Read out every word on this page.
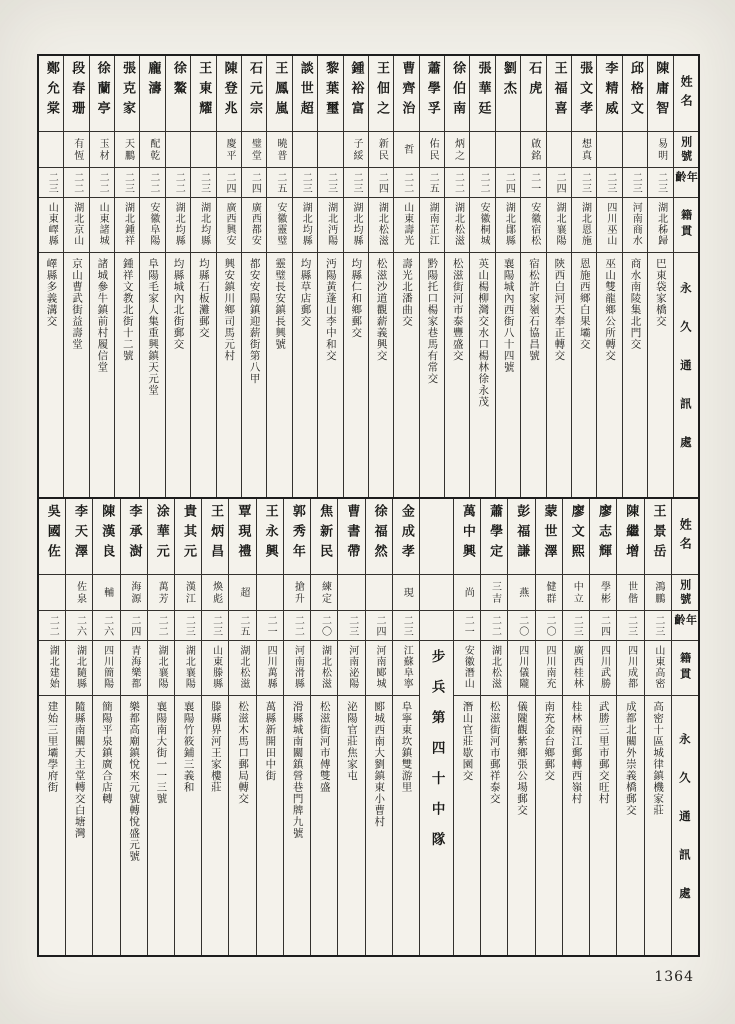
姓名
別號
年齡
籍貫
永久通訊處
陳庸智
易明
二三
湖北秭歸
巴東袋家橋交
邱格文
二三
河南商水
商水南陵集北門交
李精威
二三
四川巫山
巫山雙龍鄉公所轉交
張文孝
想真
二三
湖北恩施
恩施西鄉白果壩交
王福喜
二四
湖北襄陽
陝西白河天奉正轉交
石虎
啟銘
二一
安徽宿松
宿松許家嶺石協昌號
劉杰
二四
湖北鄖縣
襄陽城內西街八十四號
張華廷
二二
安徽桐城
英山楊柳灣交水口楊林徐永茂
徐伯南
炳之
二二
湖北松滋
松滋街河市泰豐盛交
蕭學孚
佑民
二五
湖南芷江
黔陽托口楊家巷馬有常交
曹齊治
哲
二二
山東壽光
壽光北潘曲交
王佃之
新民
二四
湖北松滋
松滋沙道觀薪義興交
鍾裕富
子綏
二三
湖北均縣
均縣仁和鄉郵交
黎葉璽
二三
湖北沔陽
沔陽黃蓬山李中和交
談世超
二三
湖北均縣
均縣草店郵交
王鳳嵐
曉普
二五
安徽靈璧
靈璧長安鎮長興號
石元宗
璧堂
二四
廣西都安
都安安陽鎮迎薪街第八甲
陳登兆
慶平
二四
廣西興安
興安鎮川鄉司馬元村
王東耀
二三
湖北均縣
均縣石板灘郵交
徐鰲
二二
湖北均縣
均縣城內北街郵交
龐濤
配乾
二二
安徽阜陽
阜陽毛家人集重興鎮天元堂
張克家
天鵬
二三
湖北鍾祥
鍾祥文教北街十二號
徐蘭亭
玉材
二二
山東諸城
諸城參牛鎮前村履信堂
段春珊
有恆
二二
湖北京山
京山曹武街益壽堂
鄭允棠
二三
山東嶧縣
嶧縣多義溝交
姓名
別號
年齡
籍貫
永久通訊處
王景岳
鴻鵬
二三
山東高密
高密十區城律鎮機家莊
陳繼增
世偕
二三
四川成都
成都北關外崇義橋郵交
廖志輝
學彬
二四
四川武勝
武勝三里市郵交旺村
廖文熙
中立
二三
廣西桂林
桂林兩江郵轉西嶺村
蒙世澤
健群
二〇
四川南充
南充金台鄉郵交
彭福謙
燕
二〇
四川儀隴
儀隴觀紫鄉張公場郵交
蕭學定
三吉
二二
湖北松滋
松滋街河市郵祥泰交
萬中興
尚
二一
安徽潛山
潛山官莊歇園交
步兵第四十中隊
金成孝
現
二三
江蘇阜寧
阜寧東坎鎮雙游里
徐福然
二四
河南郾城
郾城西南大劉鎮東小曹村
曹書帶
二三
河南泌陽
泌陽官莊焦家屯
焦新民
練定
二〇
湖北松滋
松滋街河市傅雙盛
郭秀年
搶升
二二
河南滑縣
滑縣城南關鎮營巷門牌九號
王永興
二一
四川萬縣
萬縣新開田中街
覃現禮
超
二五
湖北松滋
松滋木馬口郵局轉交
王炳昌
煥彪
二三
山東滕縣
滕縣界河王家樓莊
貴其元
漢江
二三
湖北襄陽
襄陽竹筱鋪三義和
涂華元
萬芳
二二
湖北襄陽
襄陽南大街一一三號
李承澍
海源
二四
青海樂都
樂都高廟鎮悅來元號轉悅盛元號
陳漢良
輔
二六
四川簡陽
簡陽平泉鎮廣合店轉
李天澤
佐泉
二六
湖北隨縣
隨縣南關天主堂轉交白塘灣
吳國佐
二二
湖北建始
建始三里壩學府街
1364
